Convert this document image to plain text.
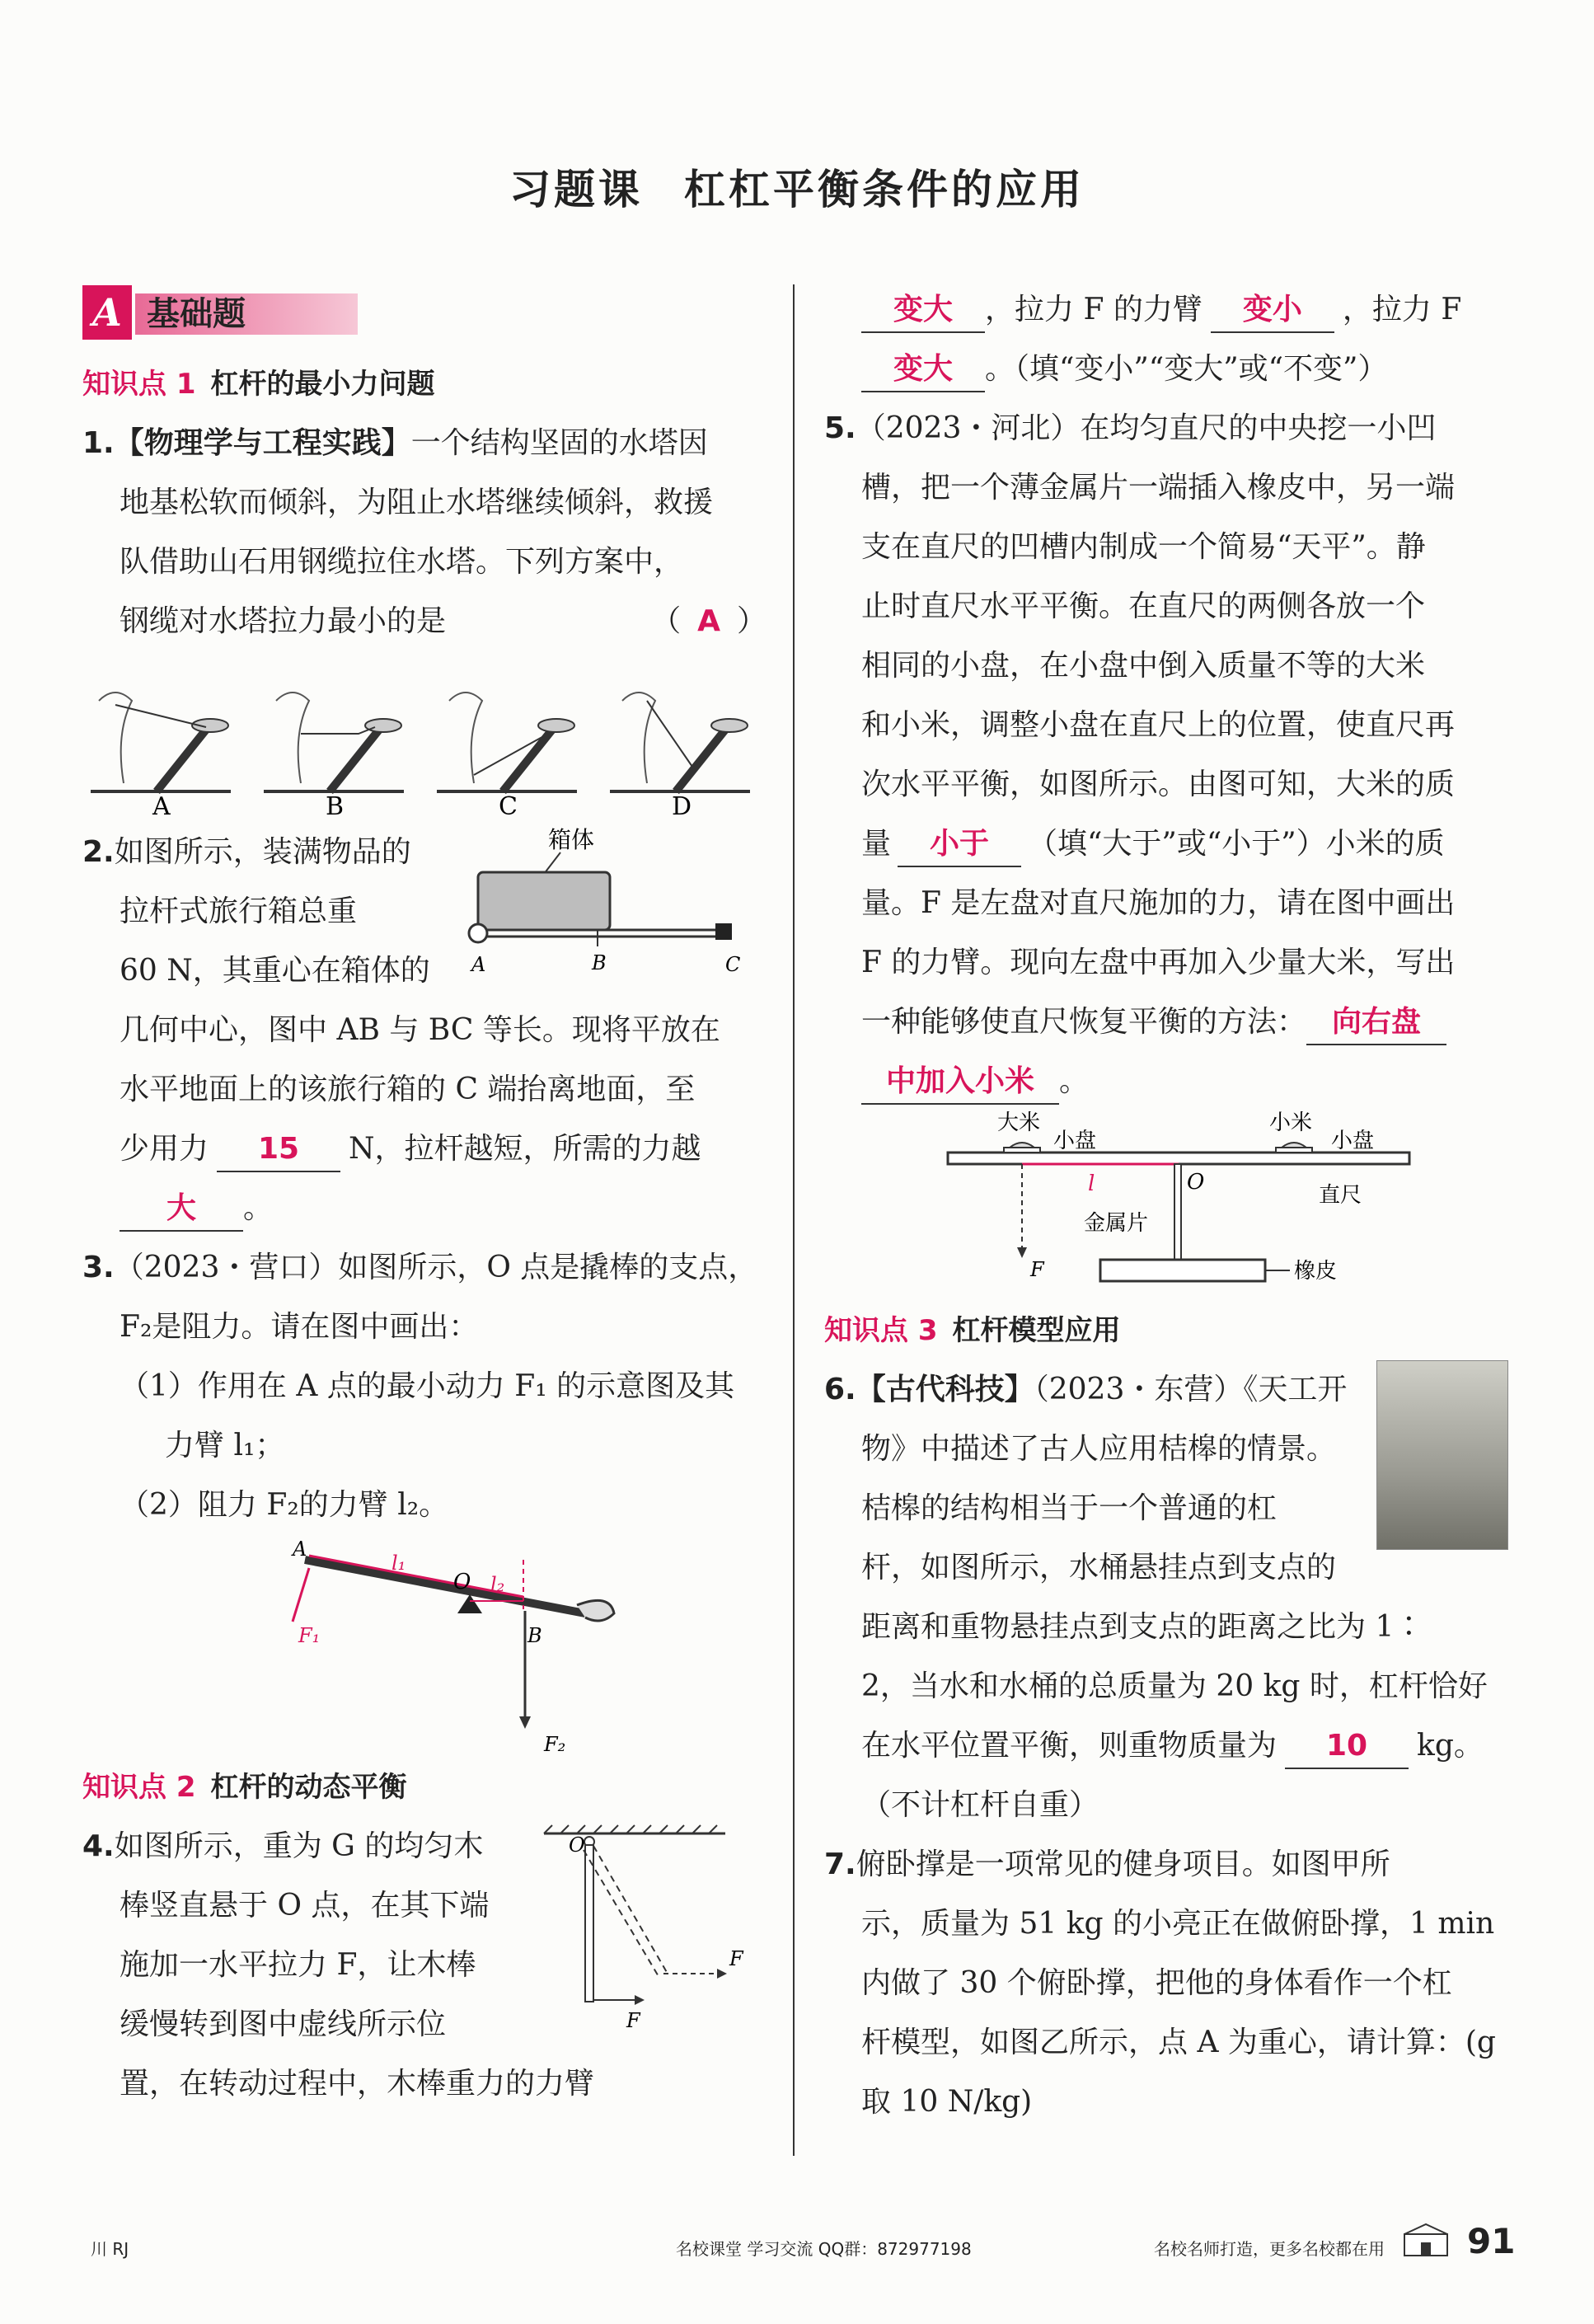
习题课 杠杠平衡条件的应用
A 基础题
知识点 1 杠杆的最小力问题
1.【物理学与工程实践】一个结构坚固的水塔因
地基松软而倾斜，为阻止水塔继续倾斜，救援
队借助山石用钢缆拉住水塔。下列方案中，
钢缆对水塔拉力最小的是	（ A ）
A	B	C	D
2.如图所示，装满物品的
拉杆式旅行箱总重
60 N，其重心在箱体的
箱体
A	B	C
几何中心，图中 AB 与 BC 等长。现将平放在
水平地面上的该旅行箱的 C 端抬离地面，至
少用力 15 N，拉杆越短，所需的力越
大 。
3.（2023・营口）如图所示，O 点是撬棒的支点，
F₂是阻力。请在图中画出：
（1）作用在 A 点的最小动力 F₁ 的示意图及其
力臂 l₁；
（2）阻力 F₂的力臂 l₂。
A
O
B
l₁
l₂
F₁
F₂
知识点 2 杠杆的动态平衡
4.如图所示，重为 G 的均匀木
棒竖直悬于 O 点，在其下端
施加一水平拉力 F，让木棒
缓慢转到图中虚线所示位
置，在转动过程中，木棒重力的力臂
O
F
F
变大 ，拉力 F 的力臂 变小 ，拉力 F
变大 。（填“变小”“变大”或“不变”）
5.（2023・河北）在均匀直尺的中央挖一小凹
槽，把一个薄金属片一端插入橡皮中，另一端
支在直尺的凹槽内制成一个简易“天平”。静
止时直尺水平平衡。在直尺的两侧各放一个
相同的小盘，在小盘中倒入质量不等的大米
和小米，调整小盘在直尺上的位置，使直尺再
次水平平衡，如图所示。由图可知，大米的质
量 小于 （填“大于”或“小于”）小米的质
量。F 是左盘对直尺施加的力，请在图中画出
F 的力臂。现向左盘中再加入少量大米，写出
一种能够使直尺恢复平衡的方法： 向右盘
中加入小米 。
大米
小盘
小米
小盘
O
l	直尺
金属片
F	橡皮
知识点 3 杠杆模型应用
6.【古代科技】（2023・东营）《天工开
物》中描述了古人应用桔槔的情景。
桔槔的结构相当于一个普通的杠
杆，如图所示，水桶悬挂点到支点的
距离和重物悬挂点到支点的距离之比为 1∶
2，当水和水桶的总质量为 20 kg 时，杠杆恰好
在水平位置平衡，则重物质量为 10 kg。
（不计杠杆自重）
7.俯卧撑是一项常见的健身项目。如图甲所
示，质量为 51 kg 的小亮正在做俯卧撑，1 min
内做了 30 个俯卧撑，把他的身体看作一个杠
杆模型，如图乙所示，点 A 为重心，请计算：(g
取 10 N/kg)
川 RJ	名校课堂 学习交流 QQ群：872977198	名校名师打造，更多名校都在用 91
